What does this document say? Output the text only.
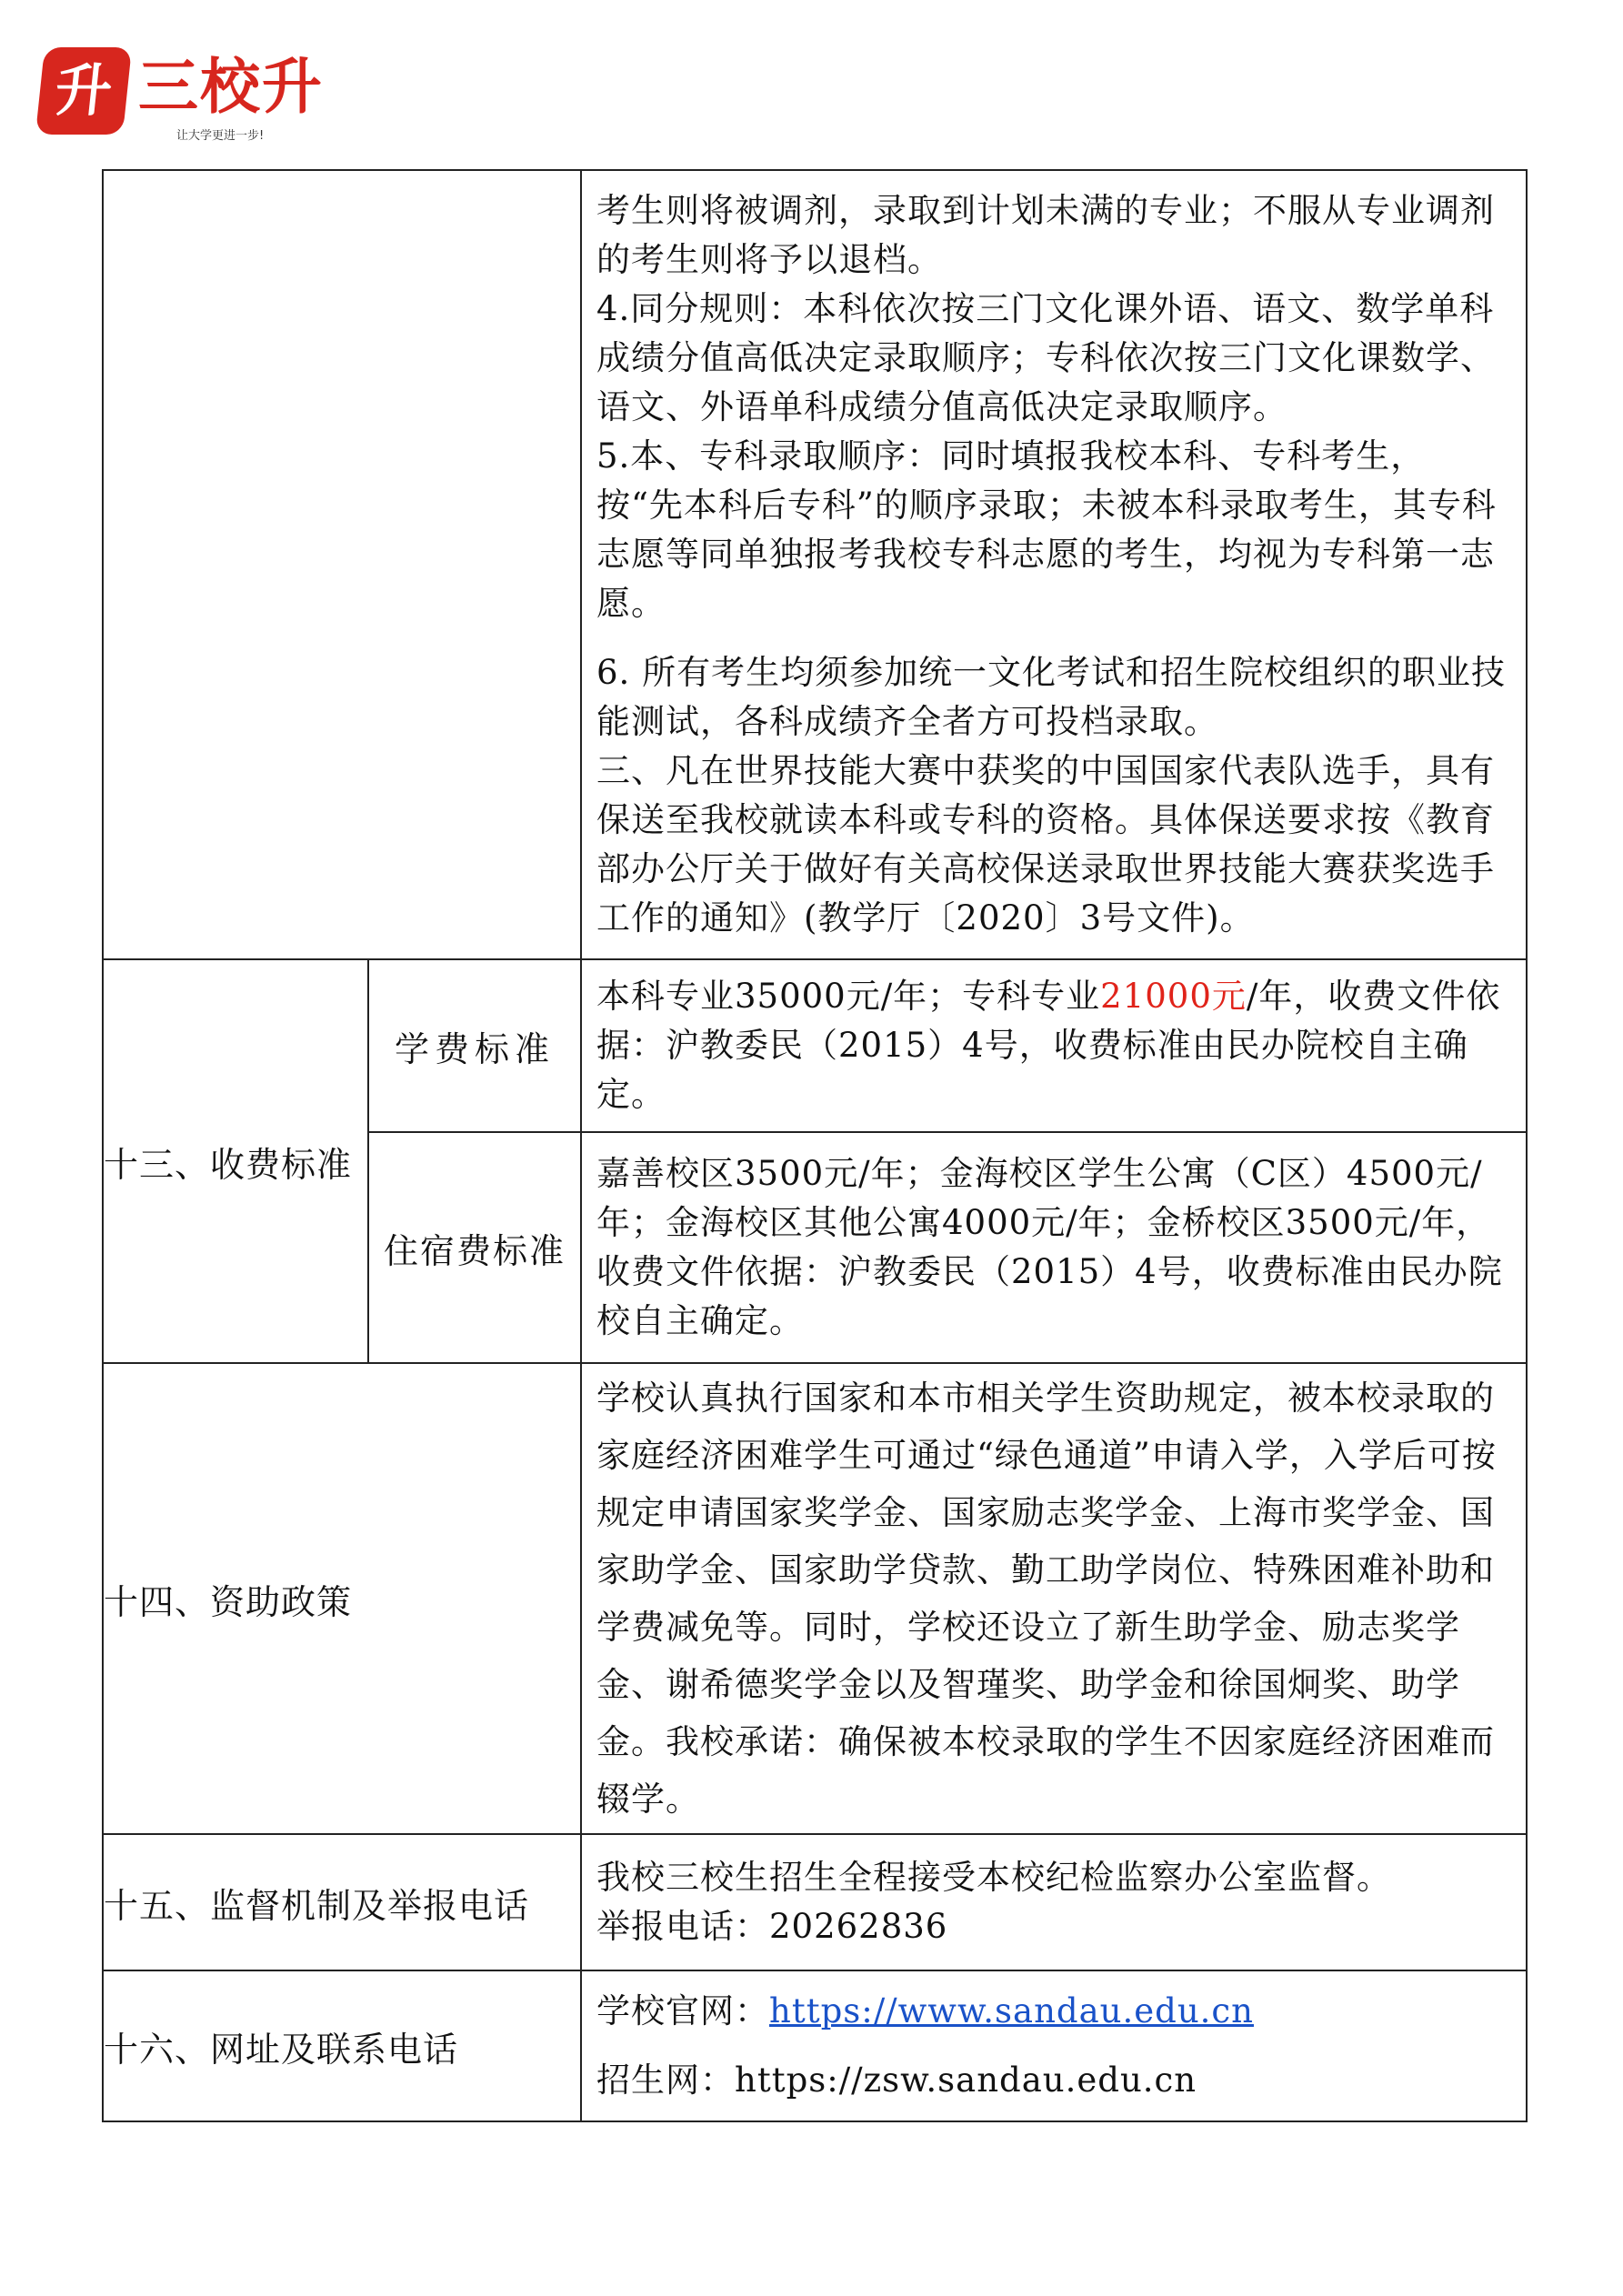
升 三校升
让大学更进一步!

		考生则将被调剂，录取到计划未满的专业；不服从专业调剂的考生则将予以退档。

4.同分规则：本科依次按三门文化课外语、语文、数学单科成绩分值高低决定录取顺序；专科依次按三门文化课数学、语文、外语单科成绩分值高低决定录取顺序。

5.本、专科录取顺序：同时填报我校本科、专科考生，按“先本科后专科”的顺序录取；未被本科录取考生，其专科志愿等同单独报考我校专科志愿的考生，均视为专科第一志愿。

6. 所有考生均须参加统一文化考试和招生院校组织的职业技能测试，各科成绩齐全者方可投档录取。

三、凡在世界技能大赛中获奖的中国国家代表队选手，具有保送至我校就读本科或专科的资格。具体保送要求按《教育部办公厅关于做好有关高校保送录取世界技能大赛获奖选手工作的通知》(教学厅〔2020〕3号文件)。

十三、收费标准	学费标准	本科专业35000元/年；专科专业21000元/年，收费文件依据：沪教委民（2015）4号，收费标准由民办院校自主确定。

	住宿费标准	嘉善校区3500元/年；金海校区学生公寓（C区）4500元/年；金海校区其他公寓4000元/年；金桥校区3500元/年，收费文件依据：沪教委民（2015）4号，收费标准由民办院校自主确定。

十四、资助政策		学校认真执行国家和本市相关学生资助规定，被本校录取的家庭经济困难学生可通过“绿色通道”申请入学，入学后可按规定申请国家奖学金、国家励志奖学金、上海市奖学金、国家助学金、国家助学贷款、勤工助学岗位、特殊困难补助和学费减免等。同时，学校还设立了新生助学金、励志奖学金、谢希德奖学金以及智瑾奖、助学金和徐国炯奖、助学金。我校承诺：确保被本校录取的学生不因家庭经济困难而辍学。

十五、监督机制及举报电话		我校三校生招生全程接受本校纪检监察办公室监督。

举报电话：20262836

十六、网址及联系电话		学校官网：https://www.sandau.edu.cn

招生网：https://zsw.sandau.edu.cn
